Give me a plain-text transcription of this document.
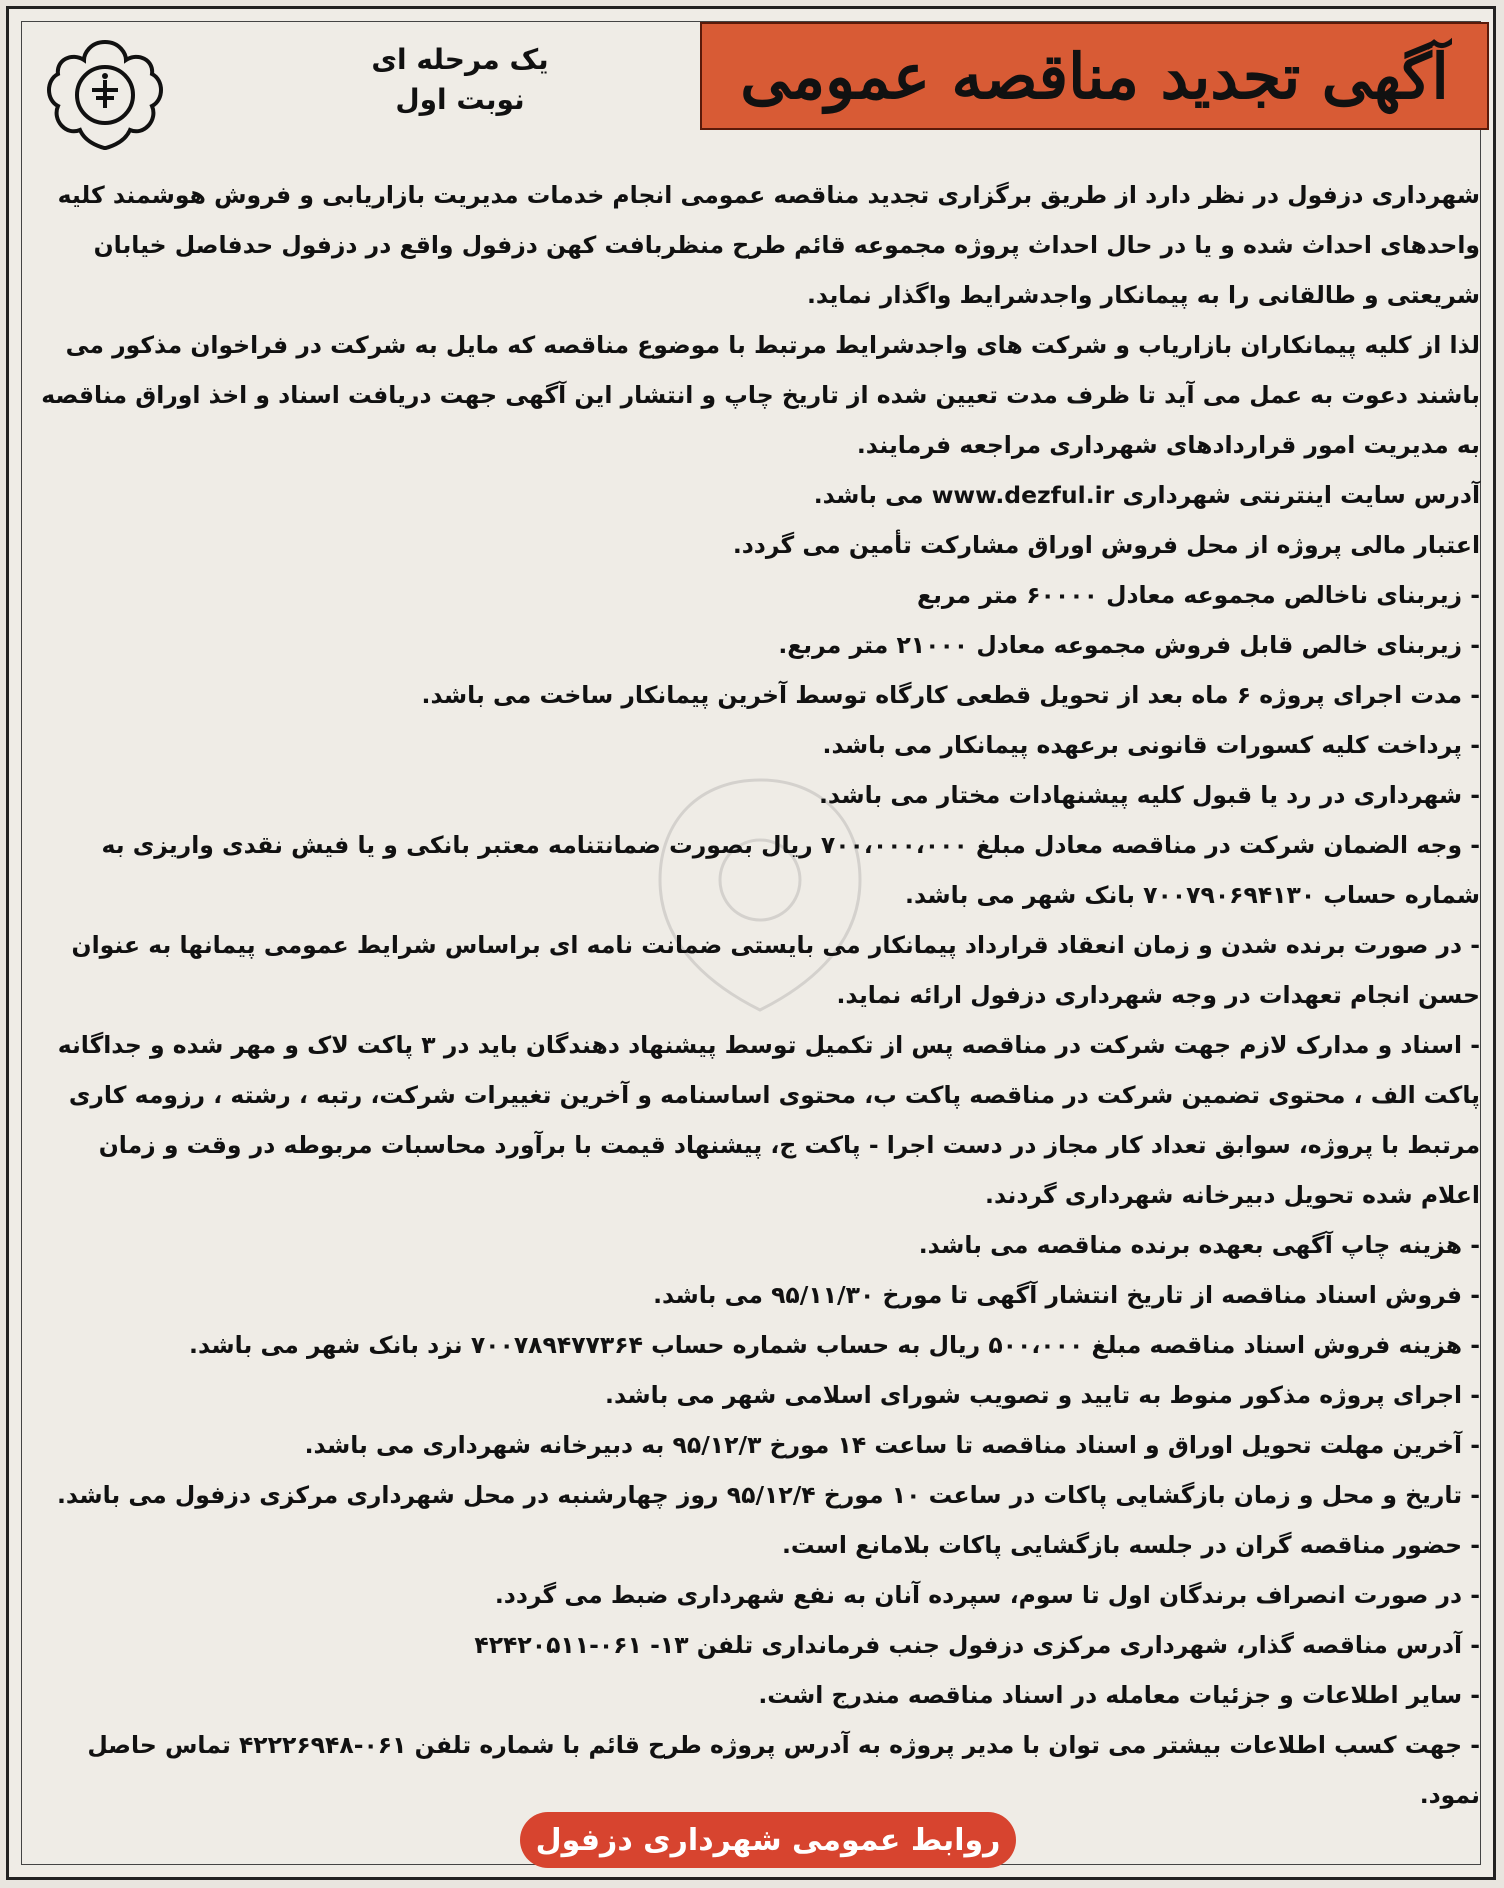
آگهی تجدید مناقصه عمومی
یک مرحله ای
نوبت اول

شهرداری دزفول در نظر دارد از طریق برگزاری تجدید مناقصه عمومی انجام خدمات مدیریت بازاریابی و فروش هوشمند کلیه واحدهای احداث شده و یا در حال احداث پروژه مجموعه قائم طرح منظربافت کهن دزفول واقع در دزفول حدفاصل خیابان شریعتی و طالقانی را به پیمانکار واجدشرایط واگذار نماید.

لذا از کلیه پیمانکاران بازاریاب و شرکت های واجدشرایط مرتبط با موضوع مناقصه که مایل به شرکت در فراخوان مذکور می باشند دعوت به عمل می آید تا ظرف مدت تعیین شده از تاریخ چاپ و انتشار این آگهی جهت دریافت اسناد و اخذ اوراق مناقصه به مدیریت امور قراردادهای شهرداری مراجعه فرمایند.

آدرس سایت اینترنتی شهرداری www.dezful.ir می باشد.

اعتبار مالی پروژه از محل فروش اوراق مشارکت تأمین می گردد.

- زیربنای ناخالص مجموعه معادل ۶۰۰۰۰ متر مربع

- زیربنای خالص قابل فروش مجموعه معادل ۲۱۰۰۰ متر مربع.

- مدت اجرای پروژه ۶ ماه بعد از تحویل قطعی کارگاه توسط آخرین پیمانکار ساخت می باشد.

- پرداخت کلیه کسورات قانونی برعهده پیمانکار می باشد.

- شهرداری در رد یا قبول کلیه پیشنهادات مختار می باشد.

- وجه الضمان شرکت در مناقصه معادل مبلغ ۷۰۰،۰۰۰،۰۰۰ ریال بصورت ضمانتنامه معتبر بانکی و یا فیش نقدی واریزی به شماره حساب ۷۰۰۷۹۰۶۹۴۱۳۰ بانک شهر می باشد.

- در صورت برنده شدن و زمان انعقاد قرارداد پیمانکار می بایستی ضمانت نامه ای براساس شرایط عمومی پیمانها به عنوان حسن انجام تعهدات در وجه شهرداری دزفول ارائه نماید.

- اسناد و مدارک لازم جهت شرکت در مناقصه پس از تکمیل توسط پیشنهاد دهندگان باید در ۳ پاکت لاک و مهر شده و جداگانه پاکت الف ، محتوی تضمین شرکت در مناقصه پاکت ب، محتوی اساسنامه و آخرین تغییرات شرکت، رتبه ، رشته ، رزومه کاری مرتبط با پروژه، سوابق تعداد کار مجاز در دست اجرا - پاکت ج، پیشنهاد قیمت با برآورد محاسبات مربوطه در وقت و زمان اعلام شده تحویل دبیرخانه شهرداری گردند.

- هزینه چاپ آگهی بعهده برنده مناقصه می باشد.

- فروش اسناد مناقصه از تاریخ انتشار آگهی تا مورخ ۹۵/۱۱/۳۰ می باشد.

- هزینه فروش اسناد مناقصه مبلغ ۵۰۰،۰۰۰ ریال به حساب شماره حساب ۷۰۰۷۸۹۴۷۷۳۶۴ نزد بانک شهر می باشد.

- اجرای پروژه مذکور منوط به تایید و تصویب شورای اسلامی شهر می باشد.

- آخرین مهلت تحویل اوراق و اسناد مناقصه تا ساعت ۱۴ مورخ ۹۵/۱۲/۳ به دبیرخانه شهرداری می باشد.

- تاریخ و محل و زمان بازگشایی پاکات در ساعت ۱۰ مورخ ۹۵/۱۲/۴ روز چهارشنبه در محل شهرداری مرکزی دزفول می باشد.

- حضور مناقصه گران در جلسه بازگشایی پاکات بلامانع است.

- در صورت انصراف برندگان اول تا سوم، سپرده آنان به نفع شهرداری ضبط می گردد.

- آدرس مناقصه گذار، شهرداری مرکزی دزفول جنب فرمانداری تلفن ۱۳- ۰۶۱-۴۲۴۲۰۵۱۱

- سایر اطلاعات و جزئیات معامله در اسناد مناقصه مندرج اشت.

- جهت کسب اطلاعات بیشتر می توان با مدیر پروژه به آدرس پروژه طرح قائم با شماره تلفن ۰۶۱-۴۲۲۲۶۹۴۸ تماس حاصل نمود.

روابط عمومی شهرداری دزفول
